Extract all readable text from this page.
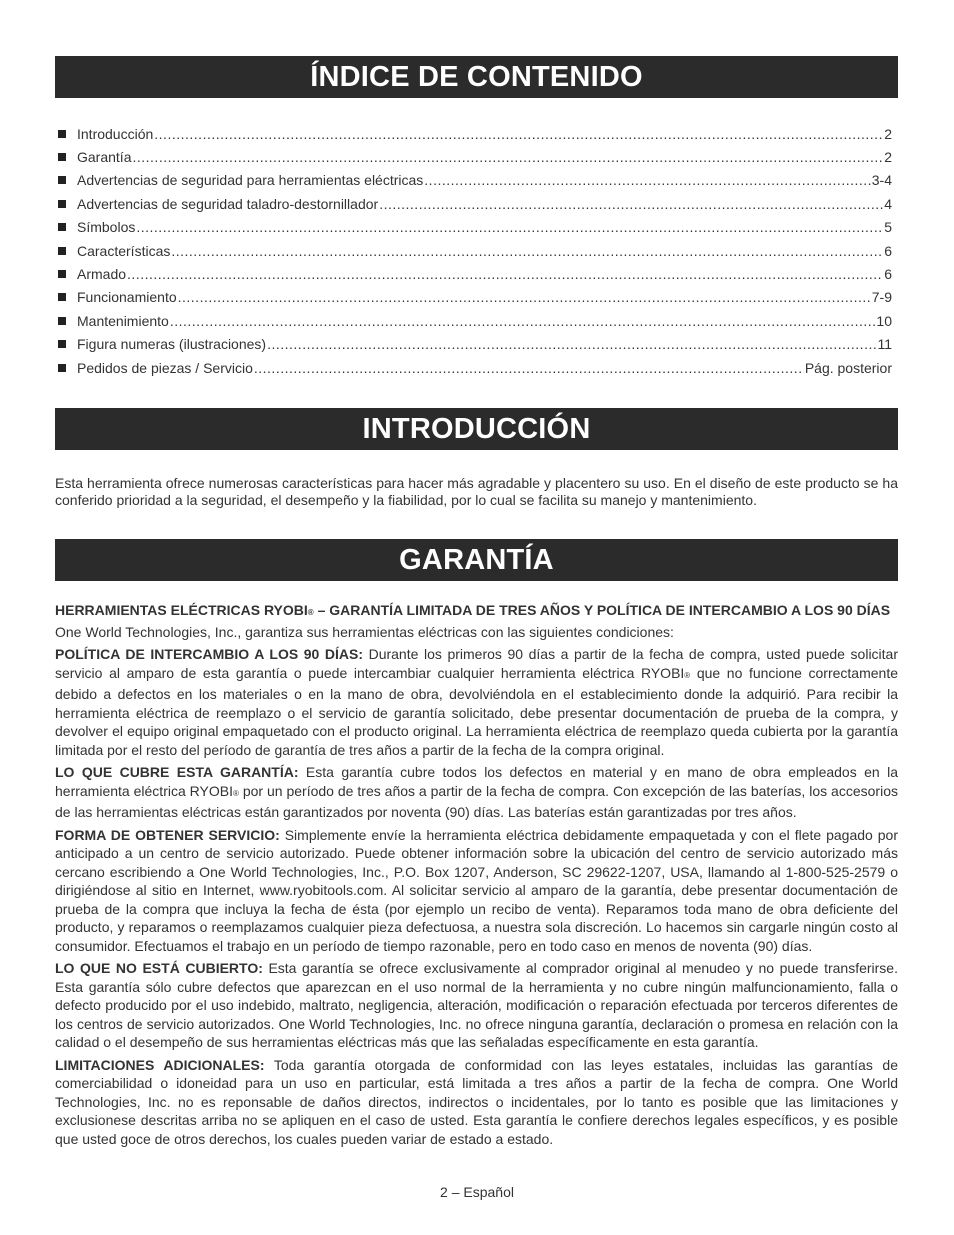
ÍNDICE DE CONTENIDO
Introducción .....	2
Garantía .....	2
Advertencias de seguridad para herramientas eléctricas .....	3-4
Advertencias de seguridad taladro-destornillador .....	4
Símbolos .....	5
Características .....	6
Armado .....	6
Funcionamiento .....	7-9
Mantenimiento .....	10
Figura numeras (ilustraciones) .....	11
Pedidos de piezas / Servicio .....	Pág. posterior
INTRODUCCIÓN

Esta herramienta ofrece numerosas características para hacer más agradable y placentero su uso. En el diseño de este producto se ha conferido prioridad a la seguridad, el desempeño y la fiabilidad, por lo cual se facilita su manejo y mantenimiento.

GARANTÍA

HERRAMIENTAS ELÉCTRICAS RYOBI® – GARANTÍA LIMITADA DE TRES AÑOS Y POLÍTICA DE INTERCAMBIO A LOS 90 DÍAS

One World Technologies, Inc., garantiza sus herramientas eléctricas con las siguientes condiciones:

POLÍTICA DE INTERCAMBIO A LOS 90 DÍAS: Durante los primeros 90 días a partir de la fecha de compra, usted puede solicitar servicio al amparo de esta garantía o puede intercambiar cualquier herramienta eléctrica RYOBI® que no funcione correctamente debido a defectos en los materiales o en la mano de obra, devolviéndola en el establecimiento donde la adquirió. Para recibir la herramienta eléctrica de reemplazo o el servicio de garantía solicitado, debe presentar documentación de prueba de la compra, y devolver el equipo original empaquetado con el producto original. La herramienta eléctrica de reemplazo queda cubierta por la garantía limitada por el resto del período de garantía de tres años a partir de la fecha de la compra original.

LO QUE CUBRE ESTA GARANTÍA: Esta garantía cubre todos los defectos en material y en mano de obra empleados en la herramienta eléctrica RYOBI® por un período de tres años a partir de la fecha de compra. Con excepción de las baterías, los accesorios de las herramientas eléctricas están garantizados por noventa (90) días. Las baterías están garantizadas por tres años.

FORMA DE OBTENER SERVICIO: Simplemente envíe la herramienta eléctrica debidamente empaquetada y con el flete pagado por anticipado a un centro de servicio autorizado. Puede obtener información sobre la ubicación del centro de servicio autorizado más cercano escribiendo a One World Technologies, Inc., P.O. Box 1207, Anderson, SC 29622-1207, USA, llamando al 1-800-525-2579 o dirigiéndose al sitio en Internet, www.ryobitools.com. Al solicitar servicio al amparo de la garantía, debe presentar documentación de prueba de la compra que incluya la fecha de ésta (por ejemplo un recibo de venta). Reparamos toda mano de obra deficiente del producto, y reparamos o reemplazamos cualquier pieza defectuosa, a nuestra sola discreción. Lo hacemos sin cargarle ningún costo al consumidor. Efectuamos el trabajo en un período de tiempo razonable, pero en todo caso en menos de noventa (90) días.

LO QUE NO ESTÁ CUBIERTO: Esta garantía se ofrece exclusivamente al comprador original al menudeo y no puede transferirse. Esta garantía sólo cubre defectos que aparezcan en el uso normal de la herramienta y no cubre ningún malfuncionamiento, falla o defecto producido por el uso indebido, maltrato, negligencia, alteración, modificación o reparación efectuada por terceros diferentes de los centros de servicio autorizados. One World Technologies, Inc. no ofrece ninguna garantía, declaración o promesa en relación con la calidad o el desempeño de sus herramientas eléctricas más que las señaladas específicamente en esta garantía.

LIMITACIONES ADICIONALES: Toda garantía otorgada de conformidad con las leyes estatales, incluidas las garantías de comerciabilidad o idoneidad para un uso en particular, está limitada a tres años a partir de la fecha de compra. One World Technologies, Inc. no es reponsable de daños directos, indirectos o incidentales, por lo tanto es posible que las limitaciones y exclusionese descritas arriba no se apliquen en el caso de usted. Esta garantía le confiere derechos legales específicos, y es posible que usted goce de otros derechos, los cuales pueden variar de estado a estado.

2 – Español
